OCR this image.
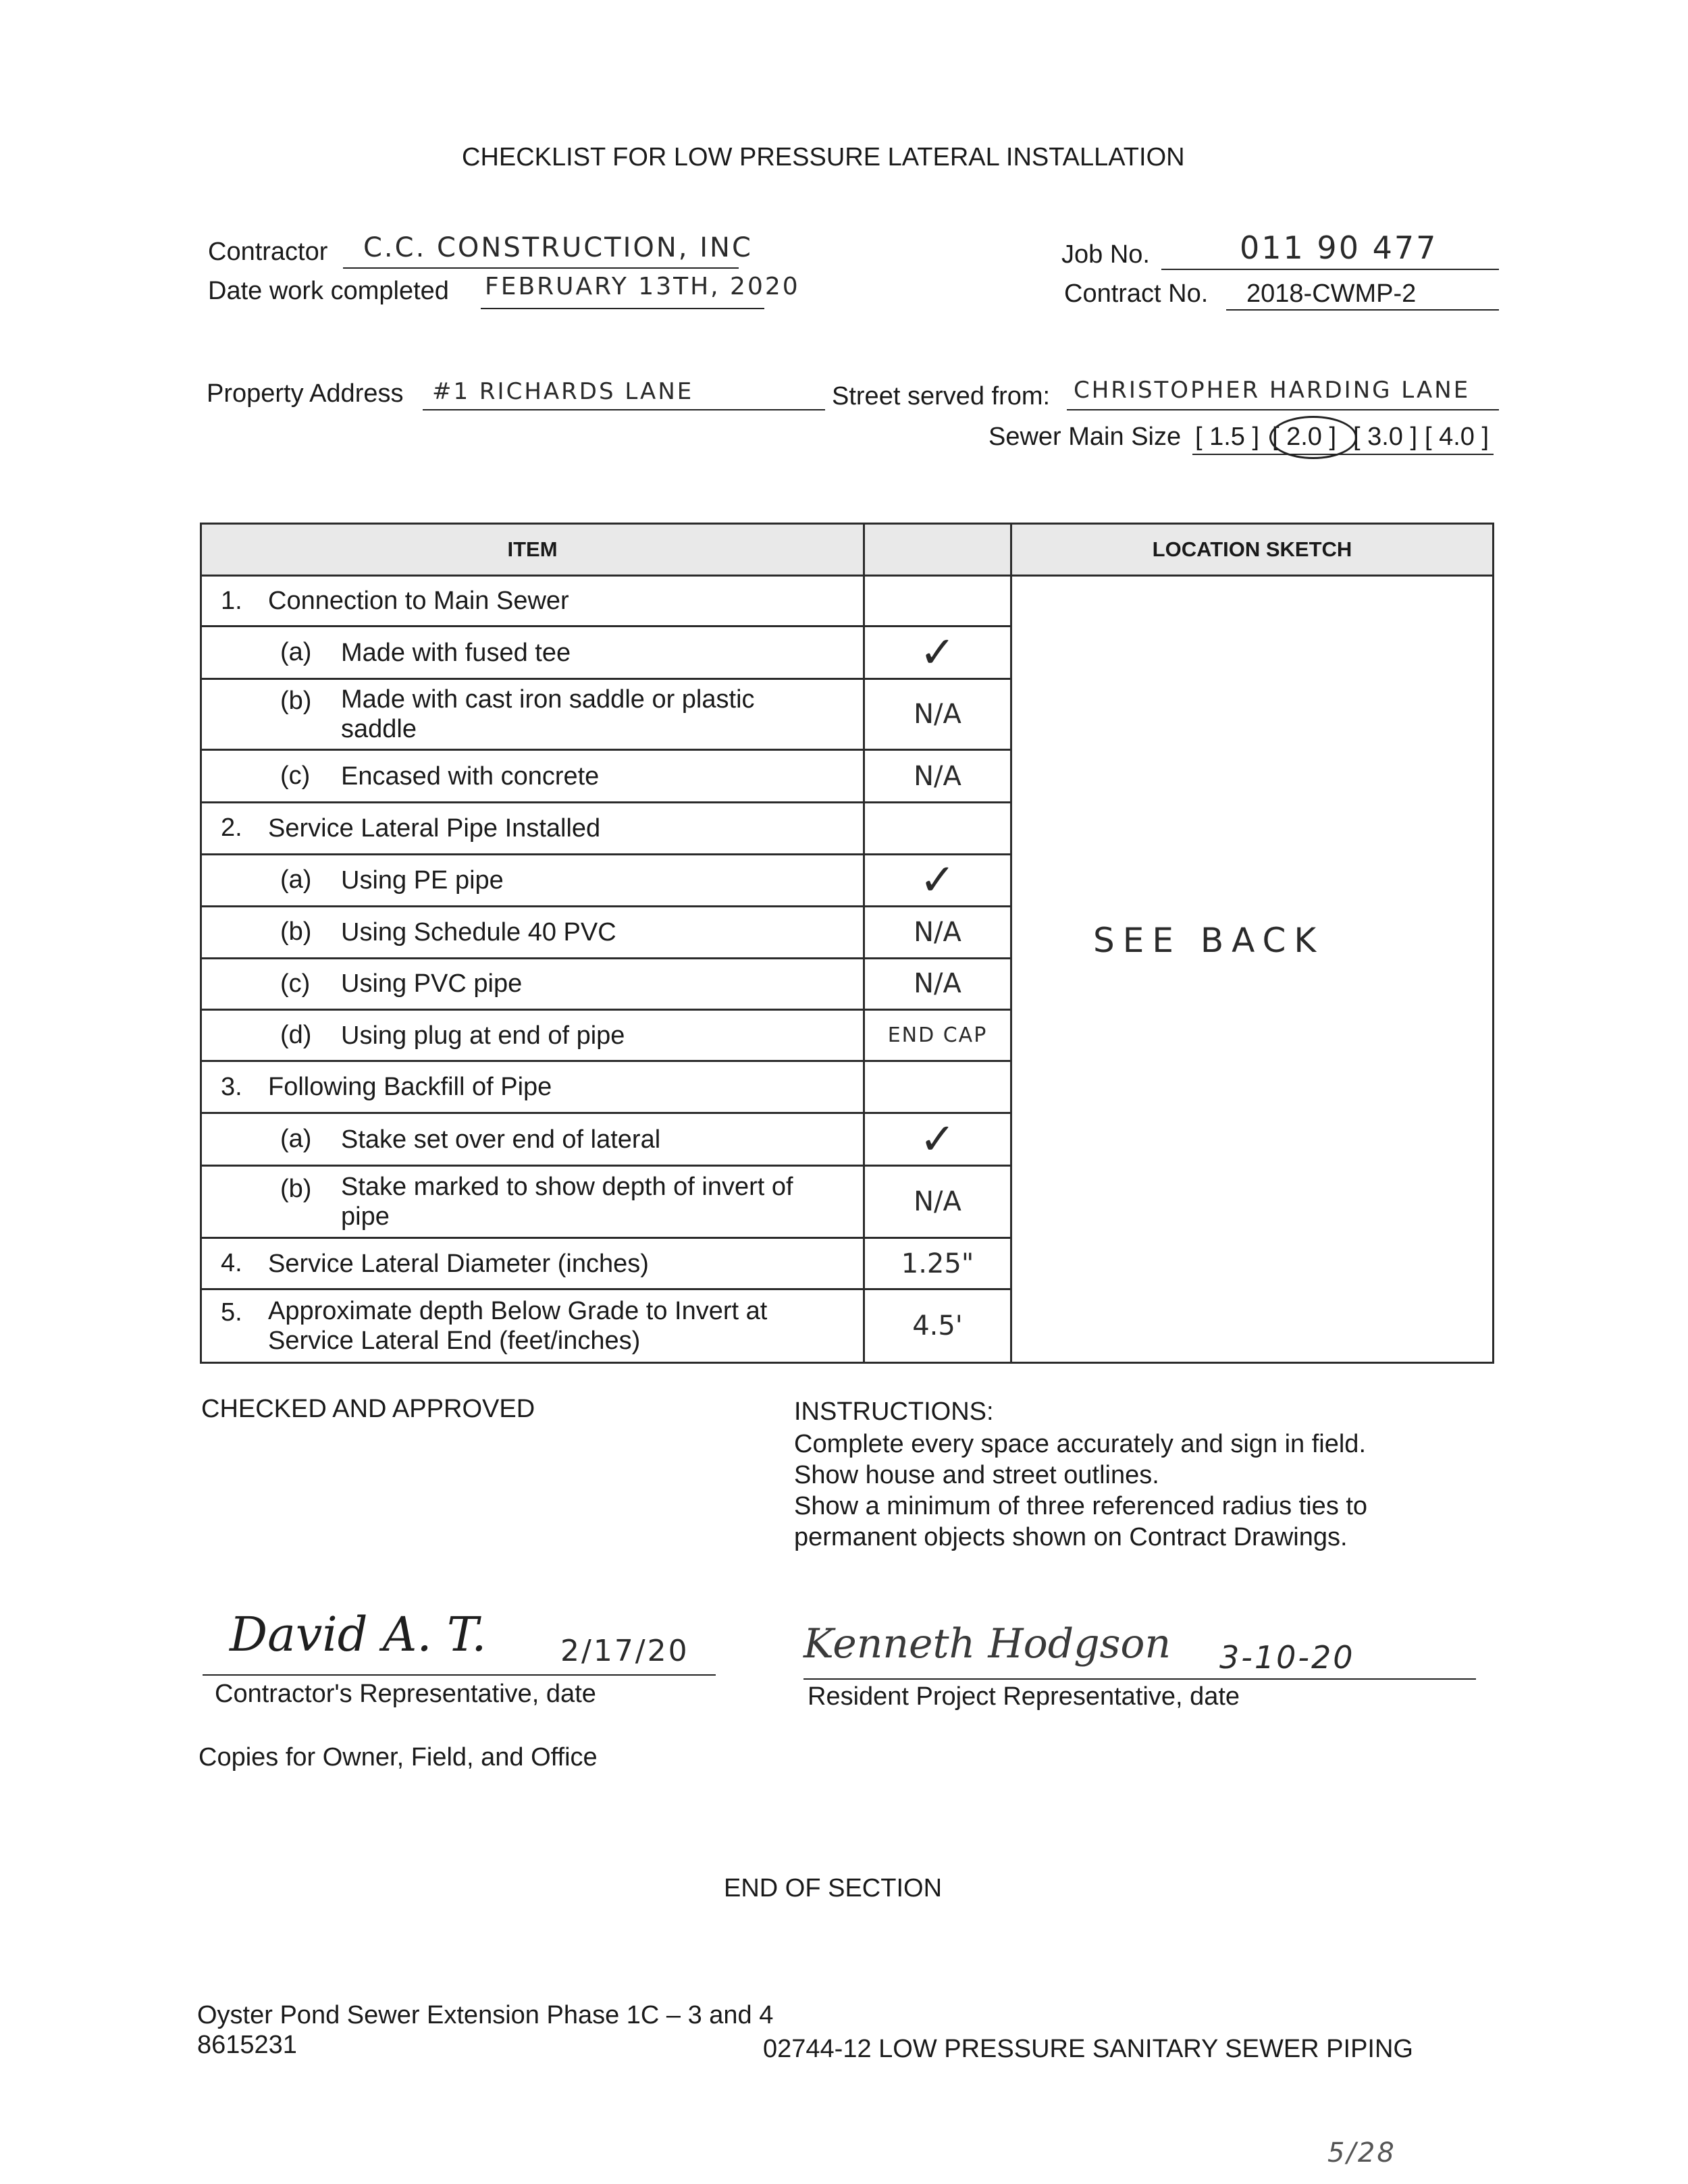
CHECKLIST FOR LOW PRESSURE LATERAL INSTALLATION
Contractor C.C. CONSTRUCTION, INC
Date work completed FEBRUARY 13TH, 2020
Job No.	011 90 477
Contract No. 2018-CWMP-2
Property Address #1 RICHARDS LANE	Street served from: CHRISTOPHER HARDING LANE
Sewer Main Size [ 1.5 ] [ 2.0 ] [ 3.0 ] [ 4.0 ]
ITEM		LOCATION SKETCH

1. Connection to Main Sewer		SEE BACK

(a) Made with fused tee	✓	

(b) Made with cast iron saddle or plastic saddle	N/A	

(c) Encased with concrete	N/A	

2. Service Lateral Pipe Installed		

(a) Using PE pipe	✓	

(b) Using Schedule 40 PVC	N/A	

(c) Using PVC pipe	N/A	

(d) Using plug at end of pipe	END CAP	

3. Following Backfill of Pipe		

(a) Stake set over end of lateral	✓	

(b) Stake marked to show depth of invert of pipe	N/A	

4. Service Lateral Diameter (inches)	1.25"	

5. Approximate depth Below Grade to Invert at Service Lateral End (feet/inches)	4.5'	
CHECKED AND APPROVED	INSTRUCTIONS:
Complete every space accurately and sign in field.
Show house and street outlines.
Show a minimum of three referenced radius ties to
permanent objects shown on Contract Drawings.
David A. T. 2/17/20
Contractor's Representative, date
Kenneth Hodgson 3-10-20
Resident Project Representative, date
Copies for Owner, Field, and Office
END OF SECTION
Oyster Pond Sewer Extension Phase 1C – 3 and 4
8615231	02744-12 LOW PRESSURE SANITARY SEWER PIPING
5/28
